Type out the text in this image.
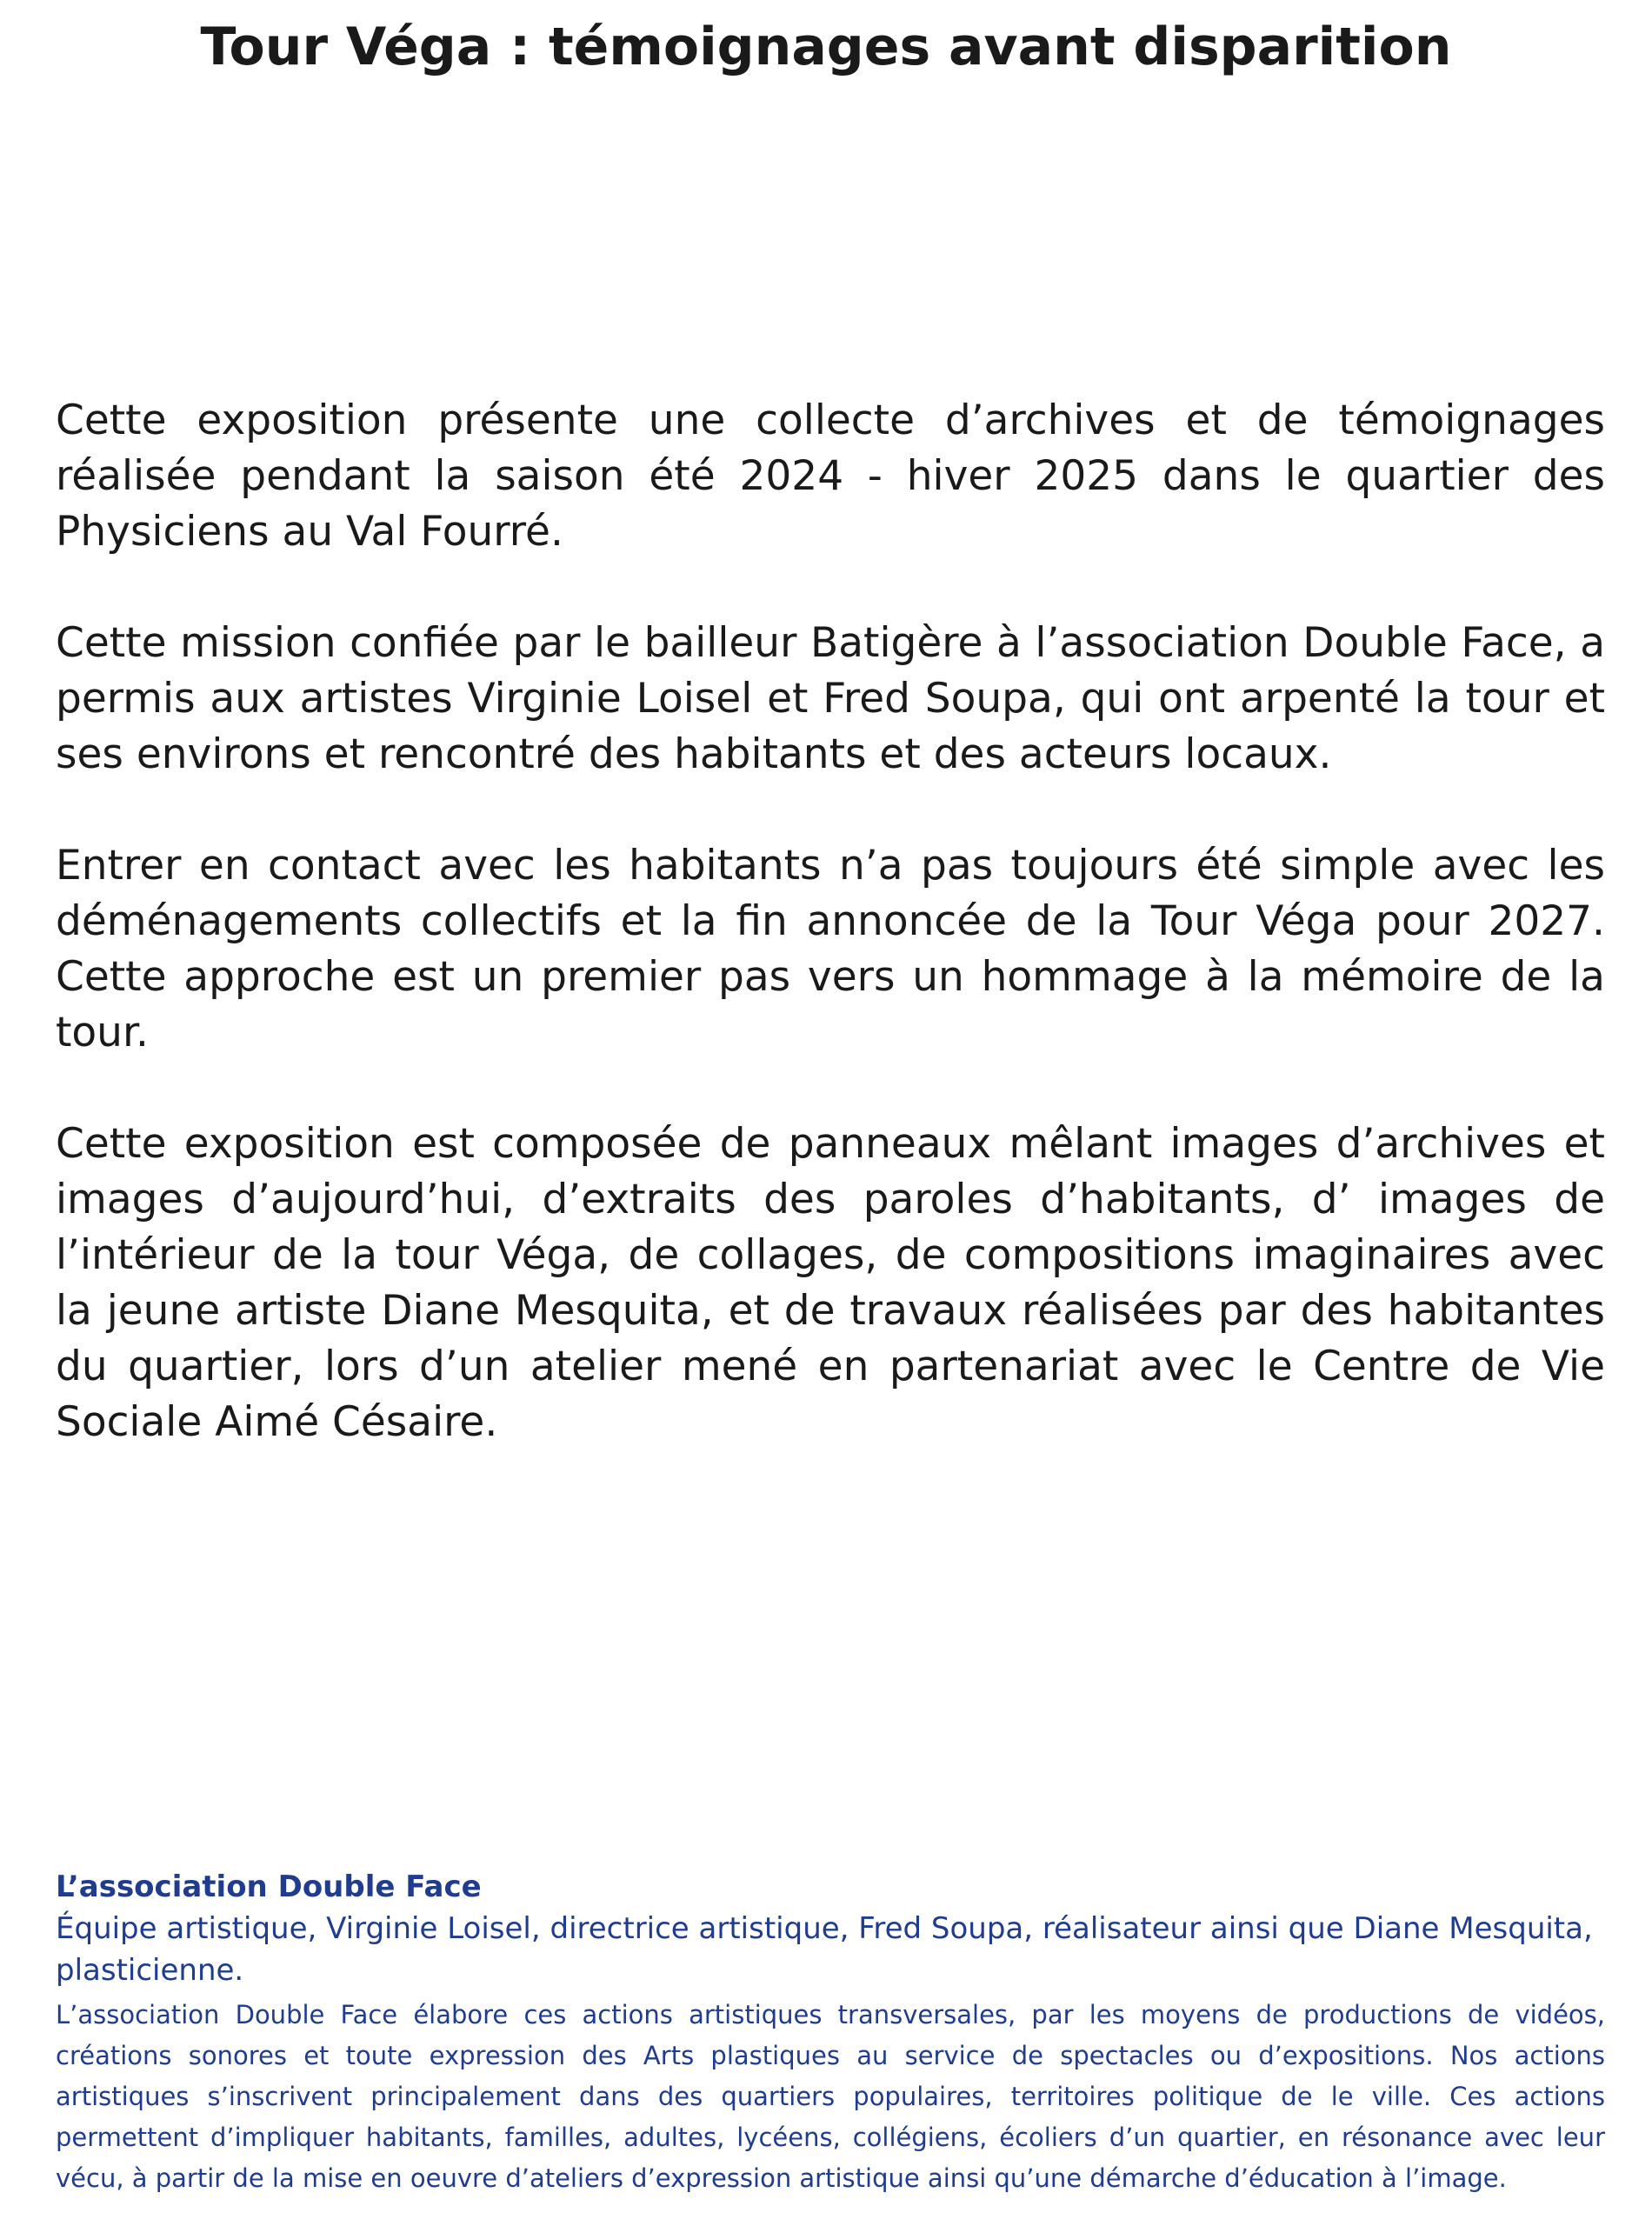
Tour Véga : témoignages avant disparition

Cette exposition présente une collecte d’archives et de témoignages réalisée pendant la saison été 2024 - hiver 2025 dans le quartier des Physiciens au Val Fourré.

Cette mission confiée par le bailleur Batigère à l’association Double Face, a permis aux artistes Virginie Loisel et Fred Soupa, qui ont arpenté la tour et ses environs et rencontré des habitants et des acteurs locaux.

Entrer en contact avec les habitants n’a pas toujours été simple avec les déménagements collectifs et la fin annoncée de la Tour Véga pour 2027. Cette approche est un premier pas vers un hommage à la mémoire de la tour.

Cette exposition est composée de panneaux mêlant images d’archives et images d’aujourd’hui, d’extraits des paroles d’habitants, d’ images de l’intérieur de la tour Véga, de collages, de compositions imaginaires avec la jeune artiste Diane Mesquita, et de travaux réalisées par des habitantes du quartier, lors d’un atelier mené en partenariat avec le Centre de Vie Sociale Aimé Césaire.

L’association Double Face

Équipe artistique, Virginie Loisel, directrice artistique, Fred Soupa, réalisateur ainsi que Diane Mesquita, plasticienne.

L’association Double Face élabore ces actions artistiques transversales, par les moyens de productions de vidéos, créations sonores et toute expression des Arts plastiques au service de spectacles ou d’expositions. Nos actions artistiques s’inscrivent principalement dans des quartiers populaires, territoires politique de le ville. Ces actions permettent d’impliquer habitants, familles, adultes, lycéens, collégiens, écoliers d’un quartier, en résonance avec leur vécu, à partir de la mise en oeuvre d’ateliers d’expression artistique ainsi qu’une démarche d’éducation à l’image.
